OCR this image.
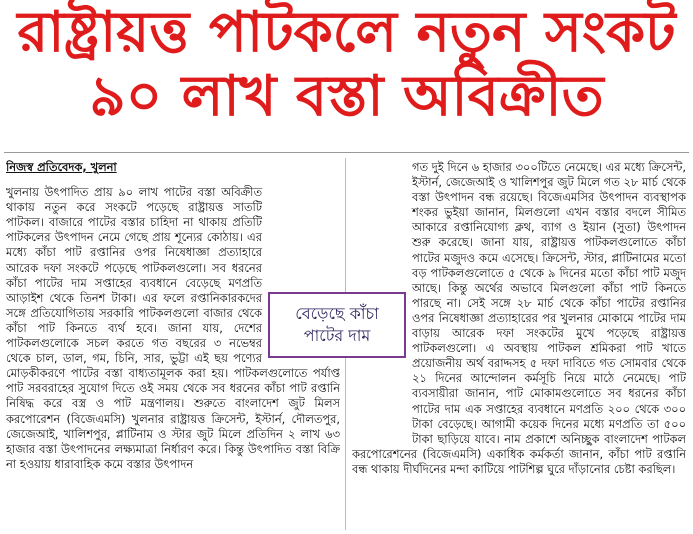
রাষ্ট্রায়ত্ত পাটকলে নতুন সংকট
৯০ লাখ বস্তা অবিক্রীত
নিজস্ব প্রতিবেদক, খুলনা

খুলনায় উৎপাদিত প্রায় ৯০ লাখ পাটের বস্তা অবিক্রীত থাকায় নতুন করে সংকটে পড়েছে রাষ্ট্রায়ত্ত সাতটি পাটকল। বাজারে পাটের বস্তার চাহিদা না থাকায় প্রতিটি পাটকলের উৎপাদন নেমে গেছে প্রায় শূন্যের কোঠায়। এর মধ্যে কাঁচা পাট রপ্তানির ওপর নিষেধাজ্ঞা প্রত্যাহারে আরেক দফা সংকটে পড়েছে পাটকলগুলো। সব ধরনের কাঁচা পাটের দাম সপ্তাহের ব্যবধানে বেড়েছে মণপ্রতি আড়াইশ থেকে তিনশ টাকা। এর ফলে রপ্তানিকারকদের সঙ্গে প্রতিযোগিতায় সরকারি পাটকলগুলো বাজার থেকে কাঁচা পাট কিনতে ব্যর্থ হবে। জানা যায়, দেশের পাটকলগুলোকে সচল করতে গত বছরের ৩ নভেম্বর থেকে চাল, ডাল, গম, চিনি, সার, ভুট্টা এই ছয় পণ্যের মোড়কীকরণে পাটের বস্তা বাধ্যতামূলক করা হয়। পাটকলগুলোতে পর্যাপ্ত পাট সরবরাহের সুযোগ দিতে ওই সময় থেকে সব ধরনের কাঁচা পাট রপ্তানি নিষিদ্ধ করে বস্ত্র ও পাট মন্ত্রণালয়। শুরুতে বাংলাদেশ জুট মিলস করপোরেশন (বিজেএমসি) খুলনার রাষ্ট্রায়ত্ত ক্রিসেন্ট, ইস্টার্ন, দৌলতপুর, জেজেআই, খালিশপুর, প্লাটিনাম ও স্টার জুট মিলে প্রতিদিন ২ লাখ ৬৩ হাজার বস্তা উৎপাদনের লক্ষ্যমাত্রা নির্ধারণ করে। কিন্তু উৎপাদিত বস্তা বিক্রি না হওয়ায় ধারাবাহিক কমে বস্তার উৎপাদন

গত দুই দিনে ৬ হাজার ৩০০টিতে নেমেছে। এর মধ্যে ক্রিসেন্ট, ইস্টার্ন, জেজেআই ও খালিশপুর জুট মিলে গত ২৮ মার্চ থেকে বস্তা উৎপাদন বন্ধ রয়েছে। বিজেএমসির উৎপাদন ব্যবস্থাপক শংকর ভুইয়া জানান, মিলগুলো এখন বস্তার বদলে সীমিত আকারে রপ্তানিযোগ্য ক্লথ, ব্যাগ ও ইয়ান (সুতা) উৎপাদন শুরু করেছে। জানা যায়, রাষ্ট্রায়ত্ত পাটকলগুলোতে কাঁচা পাটের মজুদও কমে এসেছে। ক্রিসেন্ট, স্টার, প্লাটিনামের মতো বড় পাটকলগুলোতে ৫ থেকে ৯ দিনের মতো কাঁচা পাট মজুদ আছে। কিন্তু অর্থের অভাবে মিলগুলো কাঁচা পাট কিনতে পারছে না। সেই সঙ্গে ২৮ মার্চ থেকে কাঁচা পাটের রপ্তানির ওপর নিষেধাজ্ঞা প্রত্যাহারের পর খুলনার মোকামে পাটের দাম বাড়ায় আরেক দফা সংকটের মুখে পড়েছে রাষ্ট্রায়ত্ত পাটকলগুলো। এ অবস্থায় পাটকল শ্রমিকরা পাট খাতে প্রয়োজনীয় অর্থ বরাদ্দসহ ৫ দফা দাবিতে গত সোমবার থেকে ২১ দিনের আন্দোলন কর্মসূচি নিয়ে মাঠে নেমেছে। পাট ব্যবসায়ীরা জানান, পাট মোকামগুলোতে সব ধরনের কাঁচা পাটের দাম এক সপ্তাহের ব্যবধানে মণপ্রতি ২০০ থেকে ৩০০ টাকা বেড়েছে। আগামী কয়েক দিনের মধ্যে মণপ্রতি তা ৫০০ টাকা ছাড়িয়ে যাবে। নাম প্রকাশে অনিচ্ছুক বাংলাদেশ পাটকল করপোরেশনের (বিজেএমসি) একাধিক কর্মকর্তা জানান, কাঁচা পাট রপ্তানি বন্ধ থাকায় দীর্ঘদিনের মন্দা কাটিয়ে পাটশিল্প ঘুরে দাঁড়ানোর চেষ্টা করছিল।

বেড়েছে কাঁচা
পাটের দাম
